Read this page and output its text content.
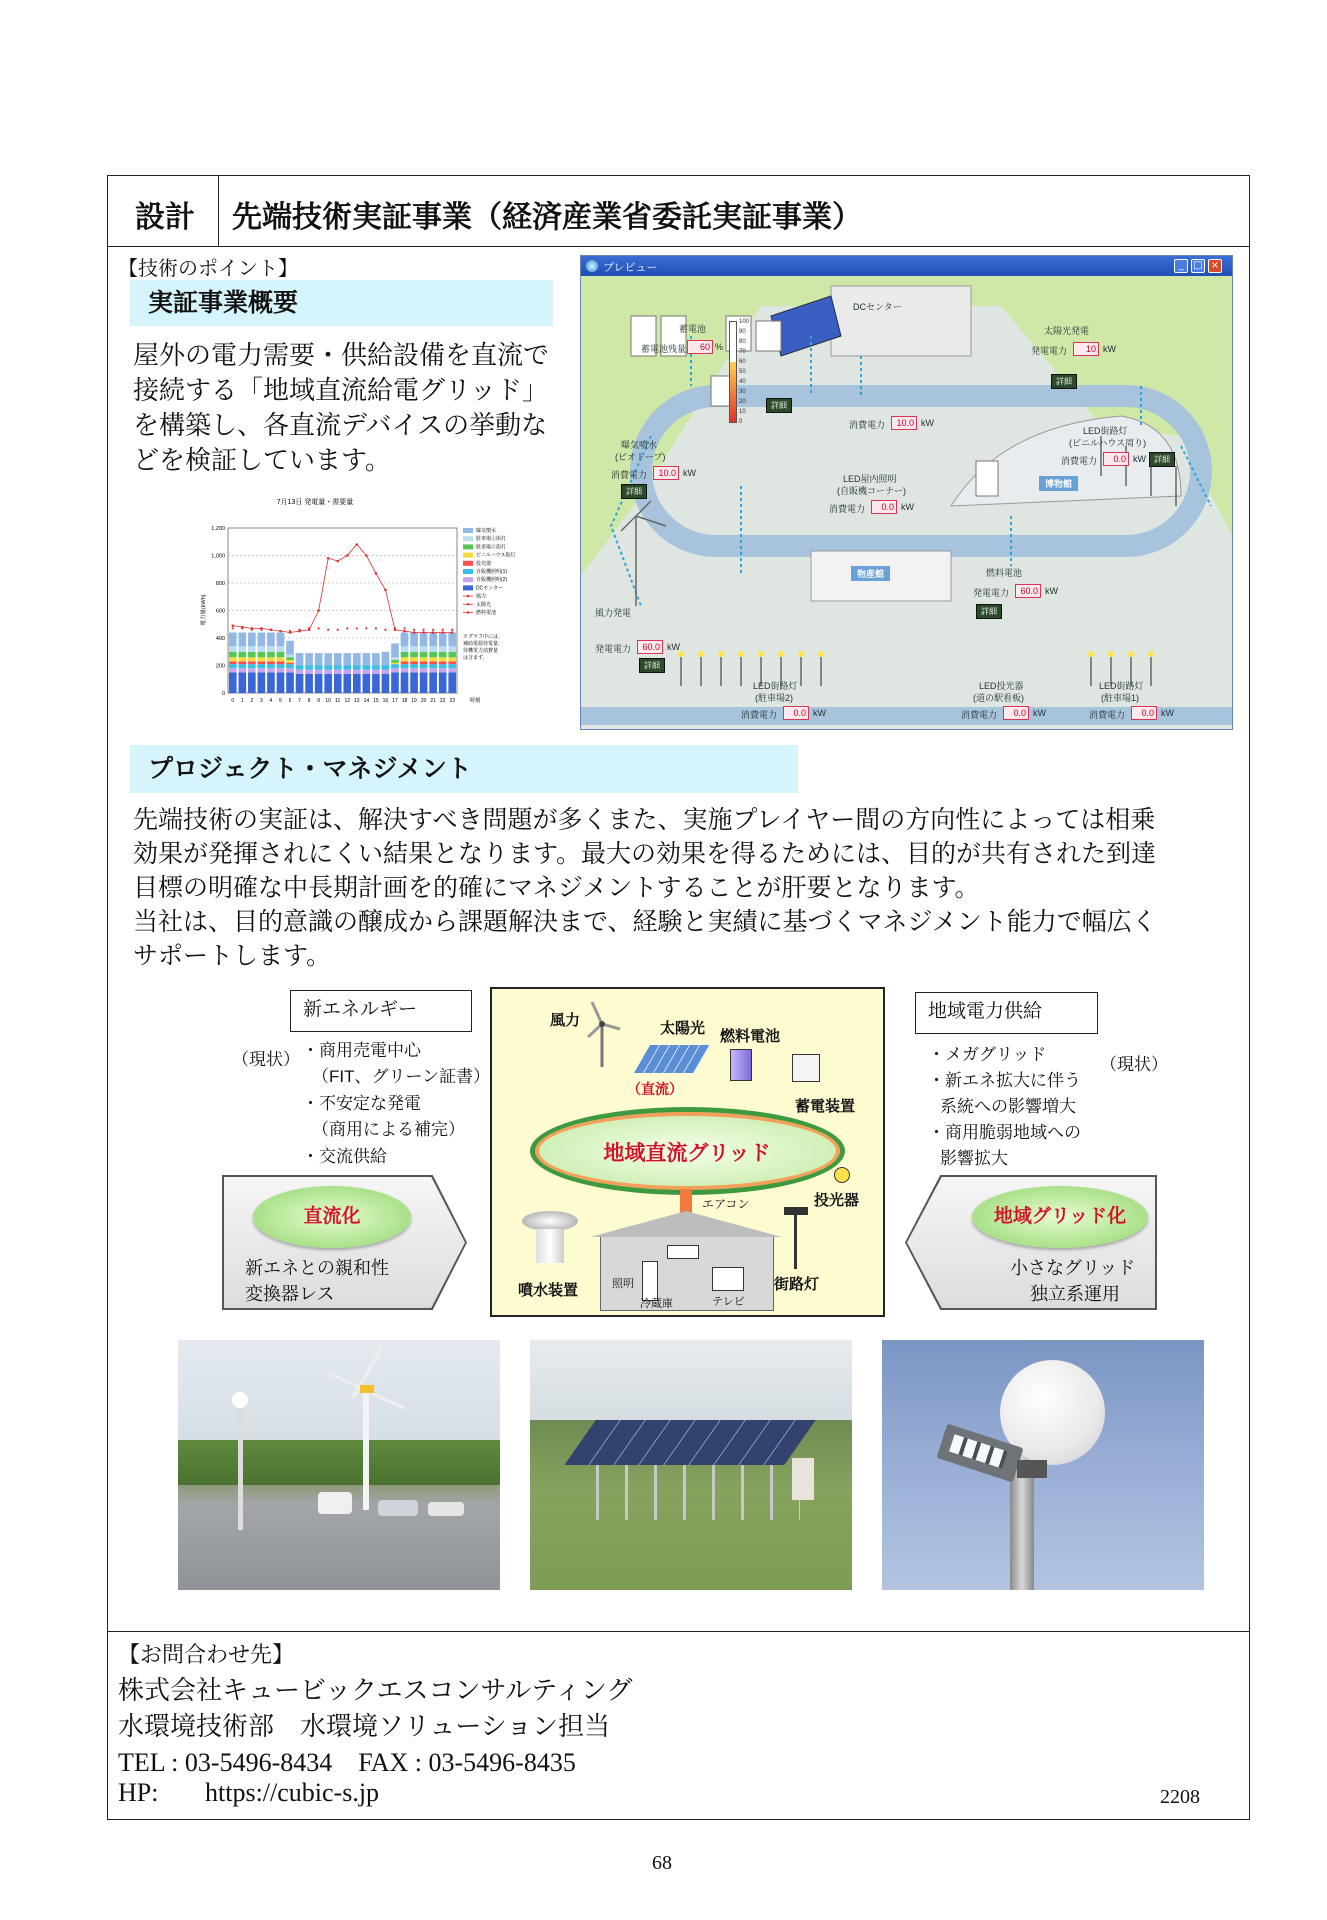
設計 先端技術実証事業（経済産業省委託実証事業）
【技術のポイント】
実証事業概要
屋外の電力需要・供給設備を直流で
接続する「地域直流給電グリッド」
を構築し、各直流デバイスの挙動な
どを検証しています。
7月13日 発電量・需要量
0
200
400
600
800
1,000
1,200
0 1 2 3 4 5 6 7 8 9 10 11 12 13 14 15 16 17 18 19 20 21 22 23	時刻
電力量(kWh)
曝気噴水
駐車場①街灯
駐車場②街灯
ビニルハウス街灯
投光器
自販機照明(1)
自販機照明(2)
DCセンター
風力
太陽光
燃料電池
※グラフ中には、
補助電源発電量、
待機電力消費量
は含まず。
プレビュー	_ □ ×
100
90
80
70
60
50
40
30
20
10
0
DCセンター
蓄電池
蓄電池残量	60 %
太陽光発電
発電電力	10 kW
詳細
詳細
消費電力	10.0 kW
曝気噴水
(ビオトープ)
消費電力	10.0 kW
詳細
LED街路灯
(ビニルハウス周り)
消費電力	0.0 kW	詳細
LED屋内照明
(自販機コーナー)
消費電力	0.0 kW
博物館
物産館	燃料電池
発電電力	60.0 kW
詳細
風力発電
発電電力	60.0 kW
詳細
LED街路灯
(駐車場2)
消費電力	0.0 kW
LED投光器
(道の駅看板)
消費電力	0.0 kW
LED街路灯
(駐車場1)
消費電力	0.0 kW
プロジェクト・マネジメント
先端技術の実証は、解決すべき問題が多くまた、実施プレイヤー間の方向性によっては相乗
効果が発揮されにくい結果となります。最大の効果を得るためには、目的が共有された到達
目標の明確な中長期計画を的確にマネジメントすることが肝要となります。
当社は、目的意識の醸成から課題解決まで、経験と実績に基づくマネジメント能力で幅広く
サポートします。
新エネルギー
（現状） ・商用売電中心
（FIT、グリーン証書）
・不安定な発電
（商用による補完）
・交流供給
直流化
新エネとの親和性
変換器レス
風力	太陽光 燃料電池
蓄電装置
（直流）
地域直流グリッド
エアコン
照明
冷蔵庫	テレビ
噴水装置	街路灯
投光器
地域電力供給
・メガグリッド
（現状）
・新エネ拡大に伴う
系統への影響増大
・商用脆弱地域への
影響拡大
地域グリッド化
小さなグリッド
独立系運用
【お問合わせ先】
株式会社キュービックエスコンサルティング
水環境技術部　水環境ソリューション担当
TEL : 03-5496-8434　FAX : 03-5496-8435
HP: https://cubic-s.jp	2208
68
